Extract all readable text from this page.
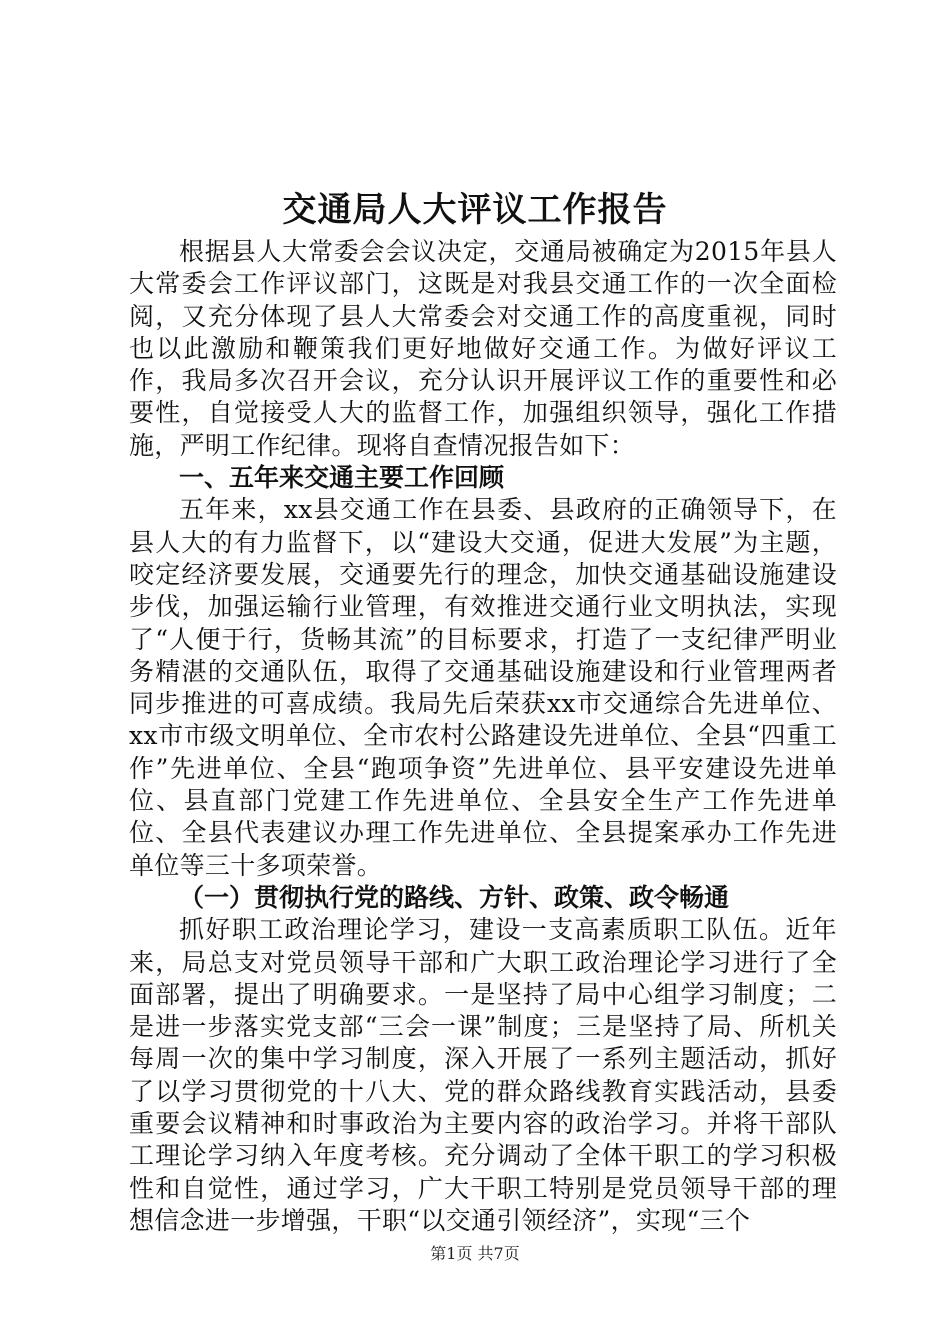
交通局人大评议工作报告

根据县人大常委会会议决定，交通局被确定为2015年县人大常委会工作评议部门，这既是对我县交通工作的一次全面检阅，又充分体现了县人大常委会对交通工作的高度重视，同时也以此激励和鞭策我们更好地做好交通工作。为做好评议工作，我局多次召开会议，充分认识开展评议工作的重要性和必要性，自觉接受人大的监督工作，加强组织领导，强化工作措施，严明工作纪律。现将自查情况报告如下：

一、五年来交通主要工作回顾

五年来，xx县交通工作在县委、县政府的正确领导下，在县人大的有力监督下，以“建设大交通，促进大发展”为主题，咬定经济要发展，交通要先行的理念，加快交通基础设施建设步伐，加强运输行业管理，有效推进交通行业文明执法，实现了“人便于行，货畅其流”的目标要求，打造了一支纪律严明业务精湛的交通队伍，取得了交通基础设施建设和行业管理两者同步推进的可喜成绩。我局先后荣获xx市交通综合先进单位、xx市市级文明单位、全市农村公路建设先进单位、全县“四重工作”先进单位、全县“跑项争资”先进单位、县平安建设先进单位、县直部门党建工作先进单位、全县安全生产工作先进单位、全县代表建议办理工作先进单位、全县提案承办工作先进单位等三十多项荣誉。

（一）贯彻执行党的路线、方针、政策、政令畅通

抓好职工政治理论学习，建设一支高素质职工队伍。近年来，局总支对党员领导干部和广大职工政治理论学习进行了全面部署，提出了明确要求。一是坚持了局中心组学习制度；二是进一步落实党支部“三会一课”制度；三是坚持了局、所机关每周一次的集中学习制度，深入开展了一系列主题活动，抓好了以学习贯彻党的十八大、党的群众路线教育实践活动，县委重要会议精神和时事政治为主要内容的政治学习。并将干部队工理论学习纳入年度考核。充分调动了全体干职工的学习积极性和自觉性，通过学习，广大干职工特别是党员领导干部的理想信念进一步增强，干职“以交通引领经济”，实现“三个

第1页 共7页
